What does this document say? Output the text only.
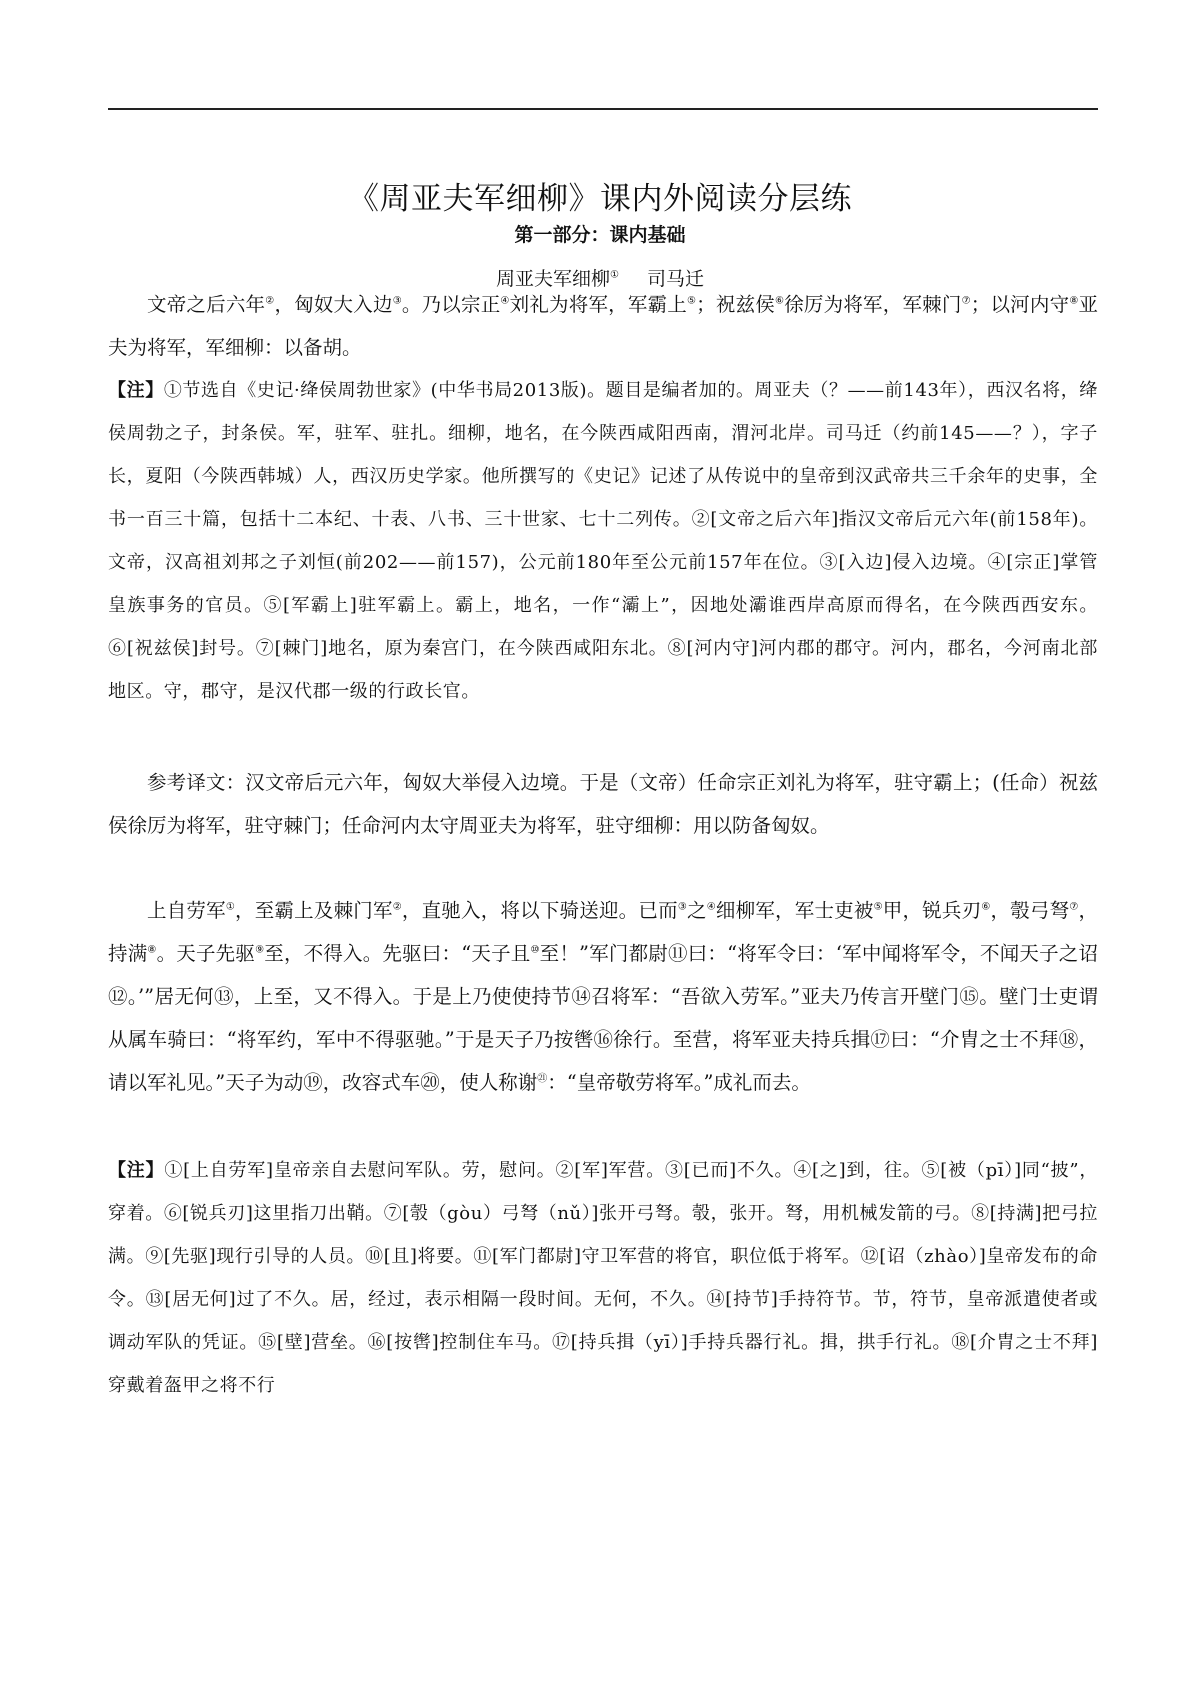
《周亚夫军细柳》课内外阅读分层练
第一部分：课内基础
周亚夫军细柳① 司马迁

文帝之后六年②，匈奴大入边③。乃以宗正④刘礼为将军，军霸上⑤；祝兹侯⑥徐厉为将军，军棘门⑦；以河内守⑧亚夫为将军，军细柳：以备胡。

【注】①节选自《史记·绛侯周勃世家》(中华书局2013版)。题目是编者加的。周亚夫（？——前143年），西汉名将，绛侯周勃之子，封条侯。军，驻军、驻扎。细柳，地名，在今陕西咸阳西南，渭河北岸。司马迁（约前145——？），字子长，夏阳（今陕西韩城）人，西汉历史学家。他所撰写的《史记》记述了从传说中的皇帝到汉武帝共三千余年的史事，全书一百三十篇，包括十二本纪、十表、八书、三十世家、七十二列传。②[文帝之后六年]指汉文帝后元六年(前158年)。文帝，汉高祖刘邦之子刘恒(前202——前157)，公元前180年至公元前157年在位。③[入边]侵入边境。④[宗正]掌管皇族事务的官员。⑤[军霸上]驻军霸上。霸上，地名，一作“灞上”，因地处灞谁西岸高原而得名，在今陕西西安东。⑥[祝兹侯]封号。⑦[棘门]地名，原为秦宫门，在今陕西咸阳东北。⑧[河内守]河内郡的郡守。河内，郡名，今河南北部地区。守，郡守，是汉代郡一级的行政长官。

参考译文：汉文帝后元六年，匈奴大举侵入边境。于是（文帝）任命宗正刘礼为将军，驻守霸上；(任命）祝兹侯徐厉为将军，驻守棘门；任命河内太守周亚夫为将军，驻守细柳：用以防备匈奴。

上自劳军①，至霸上及棘门军②，直驰入，将以下骑送迎。已而③之④细柳军，军士吏被⑤甲，锐兵刃⑥，彀弓弩⑦，持满⑧。天子先驱⑨至，不得入。先驱曰：“天子且⑩至！”军门都尉⑪曰：“将军令曰：‘军中闻将军令，不闻天子之诏⑫。’”居无何⑬，上至，又不得入。于是上乃使使持节⑭召将军：“吾欲入劳军。”亚夫乃传言开壁门⑮。壁门士吏谓从属车骑曰：“将军约，军中不得驱驰。”于是天子乃按辔⑯徐行。至营，将军亚夫持兵揖⑰曰：“介胄之士不拜⑱，请以军礼见。”天子为动⑲，改容式车⑳，使人称谢$^㉑$：“皇帝敬劳将军。”成礼而去。

【注】①[上自劳军]皇帝亲自去慰问军队。劳，慰问。②[军]军营。③[已而]不久。④[之]到，往。⑤[被（pī）]同“披”，穿着。⑥[锐兵刃]这里指刀出鞘。⑦[彀（gòu）弓弩（nǔ）]张开弓弩。彀，张开。弩，用机械发箭的弓。⑧[持满]把弓拉满。⑨[先驱]现行引导的人员。⑩[且]将要。⑪[军门都尉]守卫军营的将官，职位低于将军。⑫[诏（zhào）]皇帝发布的命令。⑬[居无何]过了不久。居，经过，表示相隔一段时间。无何，不久。⑭[持节]手持符节。节，符节，皇帝派遣使者或调动军队的凭证。⑮[壁]营垒。⑯[按辔]控制住车马。⑰[持兵揖（yī）]手持兵器行礼。揖，拱手行礼。⑱[介胄之士不拜]穿戴着盔甲之将不行
